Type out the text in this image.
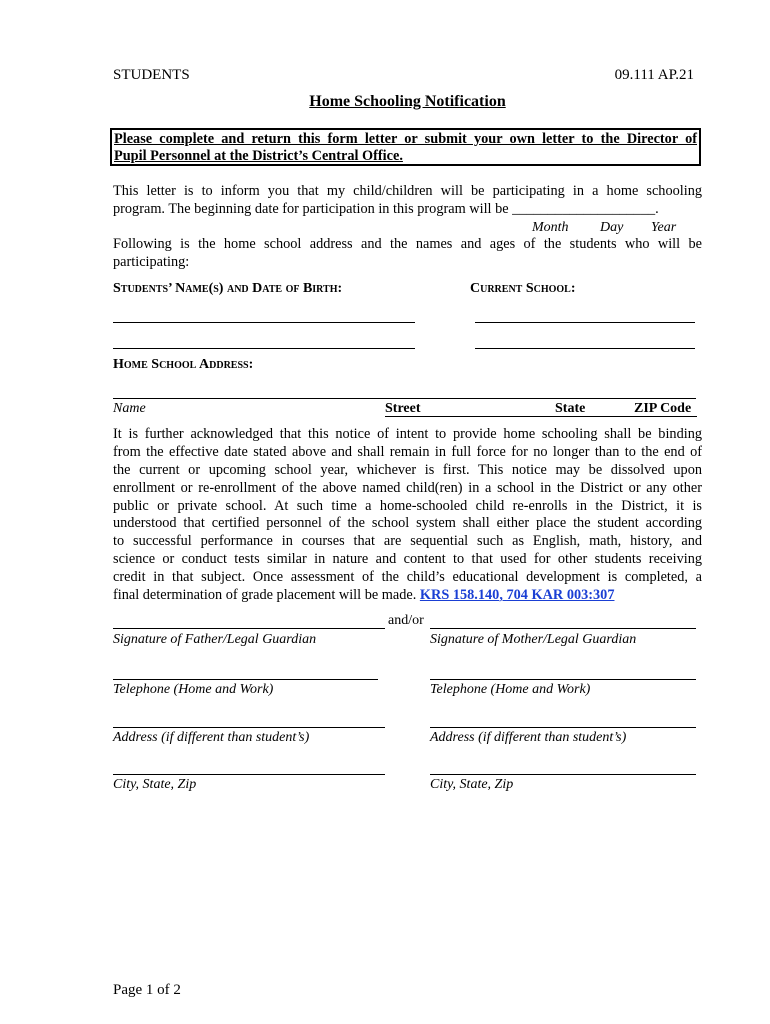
STUDENTS	09.111 AP.21
Home Schooling Notification
Please complete and return this form letter or submit your own letter to the Director of
Pupil Personnel at the District’s Central Office.
This letter is to inform you that my child/children will be participating in a home schooling
program. The beginning date for participation in this program will be ____________________.
Month Day Year
Following is the home school address and the names and ages of the students who will be
participating:
Students’ Name(s) and Date of Birth:	Current School:
Home School Address:
Name	Street	State	ZIP Code
It is further acknowledged that this notice of intent to provide home schooling shall be binding
from the effective date stated above and shall remain in full force for no longer than to the end of
the current or upcoming school year, whichever is first. This notice may be dissolved upon
enrollment or re-enrollment of the above named child(ren) in a school in the District or any other
public or private school. At such time a home-schooled child re-enrolls in the District, it is
understood that certified personnel of the school system shall either place the student according
to successful performance in courses that are sequential such as English, math, history, and
science or conduct tests similar in nature and content to that used for other students receiving
credit in that subject. Once assessment of the child’s educational development is completed, a
final determination of grade placement will be made. KRS 158.140, 704 KAR 003:307
and/or
Signature of Father/Legal Guardian	Signature of Mother/Legal Guardian
Telephone (Home and Work)	Telephone (Home and Work)
Address (if different than student’s)	Address (if different than student’s)
City, State, Zip	City, State, Zip
Page 1 of 2
